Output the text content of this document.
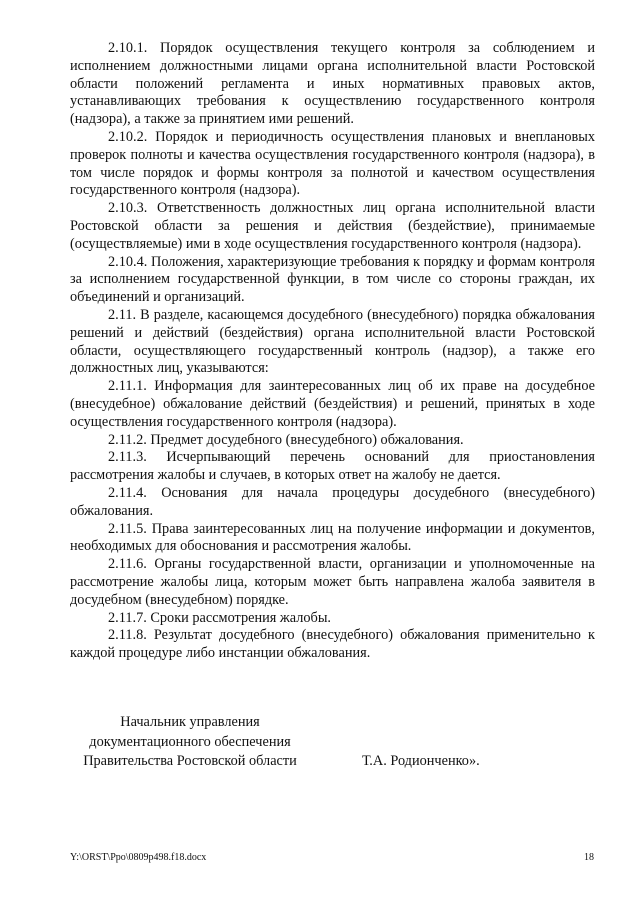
2.10.1. Порядок осуществления текущего контроля за соблюдением и исполнением должностными лицами органа исполнительной власти Ростовской области положений регламента и иных нормативных правовых актов, устанавливающих требования к осуществлению государственного контроля (надзора), а также за принятием ими решений.

2.10.2. Порядок и периодичность осуществления плановых и внеплановых проверок полноты и качества осуществления государственного контроля (надзора), в том числе порядок и формы контроля за полнотой и качеством осуществления государственного контроля (надзора).

2.10.3. Ответственность должностных лиц органа исполнительной власти Ростовской области за решения и действия (бездействие), принимаемые (осуществляемые) ими в ходе осуществления государственного контроля (надзора).

2.10.4. Положения, характеризующие требования к порядку и формам контроля за исполнением государственной функции, в том числе со стороны граждан, их объединений и организаций.

2.11. В разделе, касающемся досудебного (внесудебного) порядка обжалования решений и действий (бездействия) органа исполнительной власти Ростовской области, осуществляющего государственный контроль (надзор), а также его должностных лиц, указываются:

2.11.1. Информация для заинтересованных лиц об их праве на досудебное (внесудебное) обжалование действий (бездействия) и решений, принятых в ходе осуществления государственного контроля (надзора).

2.11.2. Предмет досудебного (внесудебного) обжалования.

2.11.3. Исчерпывающий перечень оснований для приостановления рассмотрения жалобы и случаев, в которых ответ на жалобу не дается.

2.11.4. Основания для начала процедуры досудебного (внесудебного) обжалования.

2.11.5. Права заинтересованных лиц на получение информации и документов, необходимых для обоснования и рассмотрения жалобы.

2.11.6. Органы государственной власти, организации и уполномоченные на рассмотрение жалобы лица, которым может быть направлена жалоба заявителя в досудебном (внесудебном) порядке.

2.11.7. Сроки рассмотрения жалобы.

2.11.8. Результат досудебного (внесудебного) обжалования применительно к каждой процедуре либо инстанции обжалования.

Начальник управления
документационного обеспечения
Правительства Ростовской области	Т.А. Родионченко».
Y:\ORST\Ppo\0809p498.f18.docx	18
